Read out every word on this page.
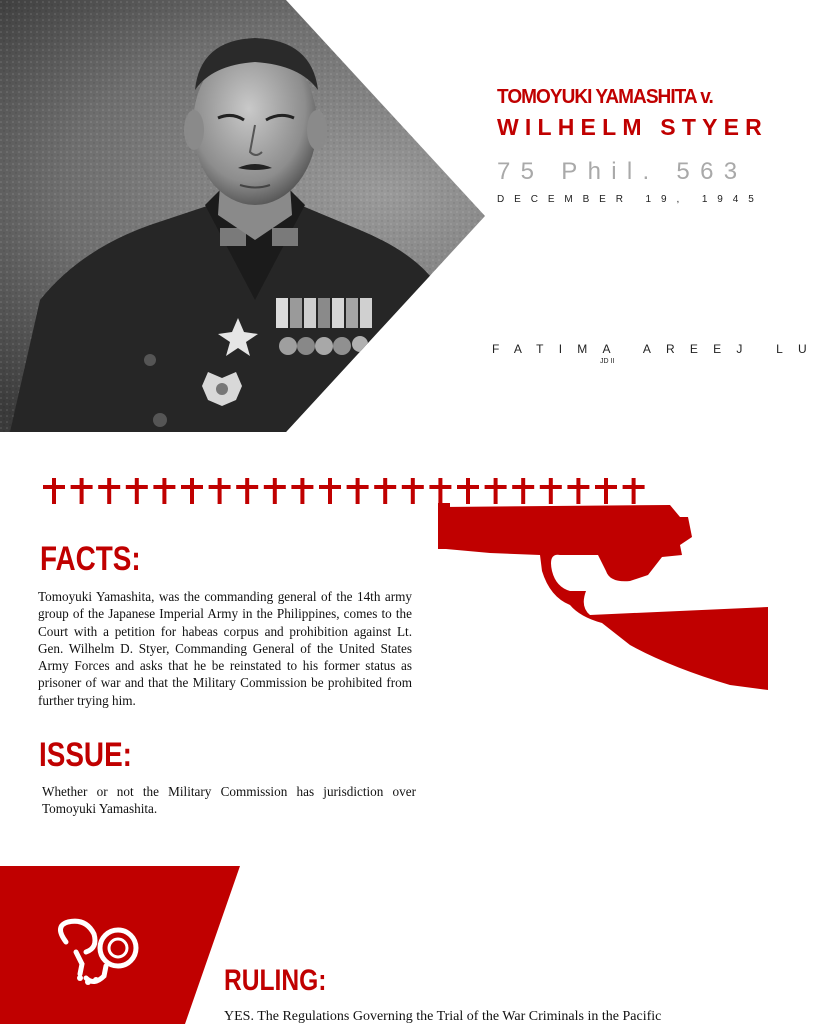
TOMOYUKI YAMASHITA v.
WILHELM STYER
75 Phil. 563
DECEMBER 19, 1945
FATIMA AREEJ LU
JD II
FACTS:
Tomoyuki Yamashita, was the commanding general of the 14th army group of the Japanese Imperial Army in the Philippines, comes to the Court with a petition for habeas corpus and prohibition against Lt. Gen. Wilhelm D. Styer, Commanding General of the United States Army Forces and asks that he be reinstated to his former status as prisoner of war and that the Military Commission be prohibited from further trying him.
ISSUE:
Whether or not the Military Commission has jurisdiction over Tomoyuki Yamashita.
RULING:
YES. The Regulations Governing the Trial of the War Criminals in the Pacific
